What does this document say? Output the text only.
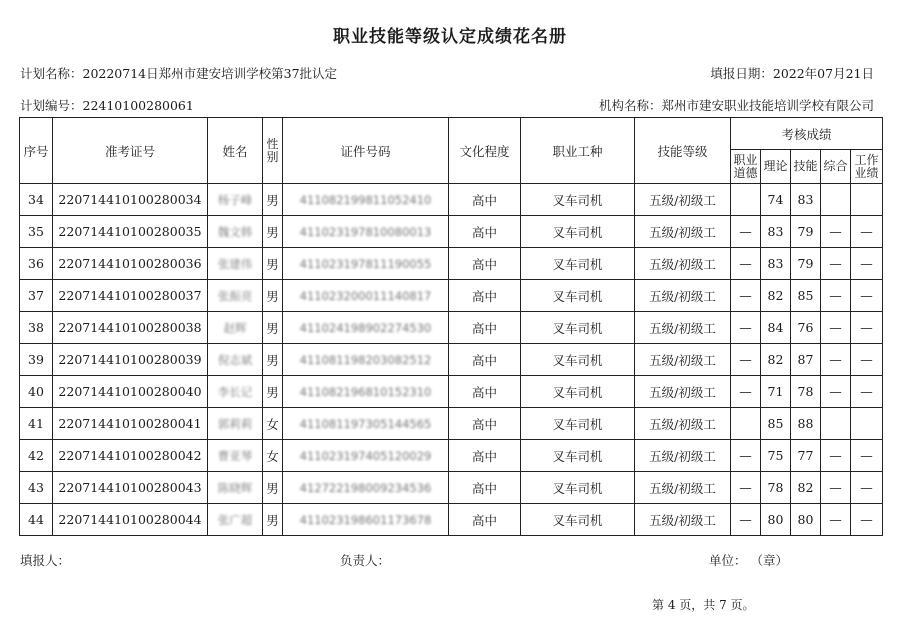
职业技能等级认定成绩花名册
计划名称：20220714日郑州市建安培训学校第37批认定	填报日期：2022年07月21日
计划编号：22410100280061	机构名称：郑州市建安职业技能培训学校有限公司
序号	准考证号	姓名	性别	证件号码	文化程度	职业工种	技能等级	考核成绩				
								职业道德	理论	技能	综合	工作业绩
34	220714410100280034	杨子峰	男	411082199811052410	高中	叉车司机	五级/初级工		74	83		
35	220714410100280035	魏文韩	男	411023197810080013	高中	叉车司机	五级/初级工	—	83	79	—	—
36	220714410100280036	张建伟	男	411023197811190055	高中	叉车司机	五级/初级工	—	83	79	—	—
37	220714410100280037	张振亮	男	411023200011140817	高中	叉车司机	五级/初级工	—	82	85	—	—
38	220714410100280038	赵辉	男	411024198902274530	高中	叉车司机	五级/初级工	—	84	76	—	—
39	220714410100280039	倪志斌	男	411081198203082512	高中	叉车司机	五级/初级工	—	82	87	—	—
40	220714410100280040	李长记	男	411082196810152310	高中	叉车司机	五级/初级工	—	71	78	—	—
41	220714410100280041	郭莉莉	女	411081197305144565	高中	叉车司机	五级/初级工		85	88		
42	220714410100280042	曹亚琴	女	411023197405120029	高中	叉车司机	五级/初级工	—	75	77	—	—
43	220714410100280043	陈晓辉	男	412722198009234536	高中	叉车司机	五级/初级工	—	78	82	—	—
44	220714410100280044	张广超	男	411023198601173678	高中	叉车司机	五级/初级工	—	80	80	—	—
填报人：	负责人：	单位： （章）
第 4 页，共 7 页。
